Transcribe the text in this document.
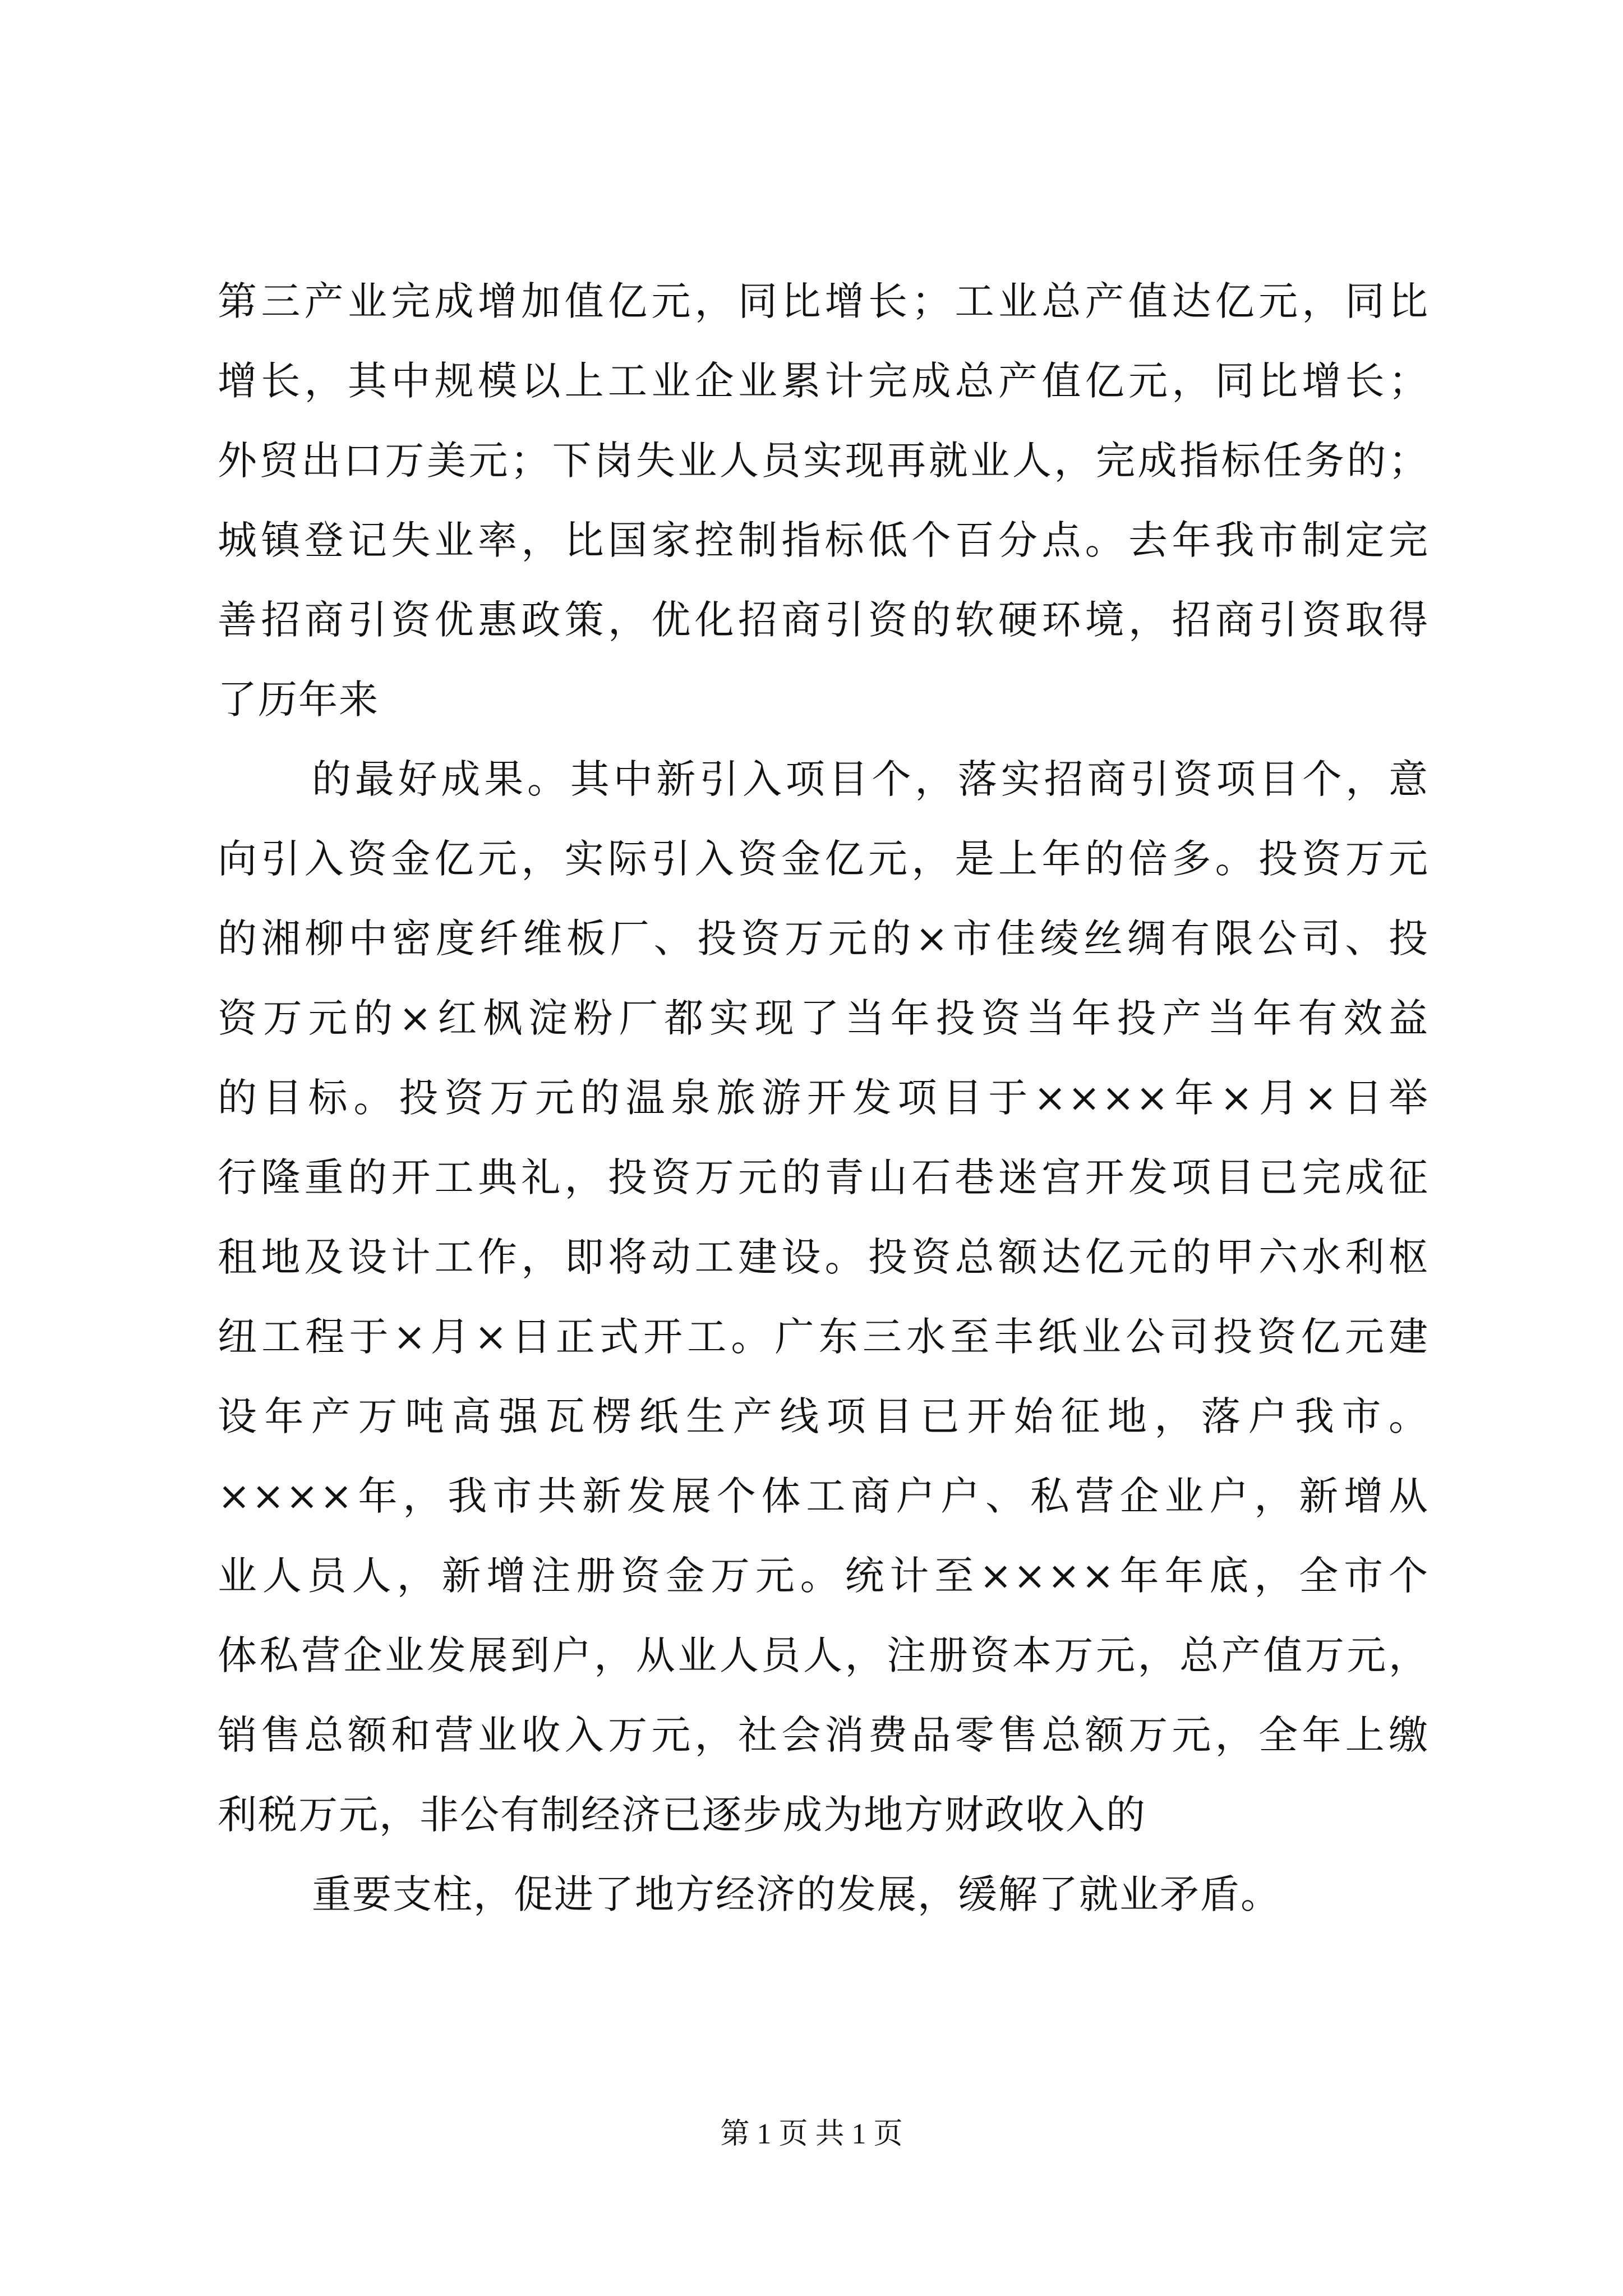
第三产业完成增加值亿元，同比增长；工业总产值达亿元，同比
增长，其中规模以上工业企业累计完成总产值亿元，同比增长；
外贸出口万美元；下岗失业人员实现再就业人，完成指标任务的；
城镇登记失业率，比国家控制指标低个百分点。去年我市制定完
善招商引资优惠政策，优化招商引资的软硬环境，招商引资取得
了历年来
的最好成果。其中新引入项目个，落实招商引资项目个，意
向引入资金亿元，实际引入资金亿元，是上年的倍多。投资万元
的湘柳中密度纤维板厂、投资万元的×市佳绫丝绸有限公司、投
资万元的×红枫淀粉厂都实现了当年投资当年投产当年有效益
的目标。投资万元的温泉旅游开发项目于××××年×月×日举
行隆重的开工典礼，投资万元的青山石巷迷宫开发项目已完成征
租地及设计工作，即将动工建设。投资总额达亿元的甲六水利枢
纽工程于×月×日正式开工。广东三水至丰纸业公司投资亿元建
设年产万吨高强瓦楞纸生产线项目已开始征地，落户我市。
××××年，我市共新发展个体工商户户、私营企业户，新增从
业人员人，新增注册资金万元。统计至××××年年底，全市个
体私营企业发展到户，从业人员人，注册资本万元，总产值万元，
销售总额和营业收入万元，社会消费品零售总额万元，全年上缴
利税万元，非公有制经济已逐步成为地方财政收入的
重要支柱，促进了地方经济的发展，缓解了就业矛盾。
第 1 页 共 1 页
